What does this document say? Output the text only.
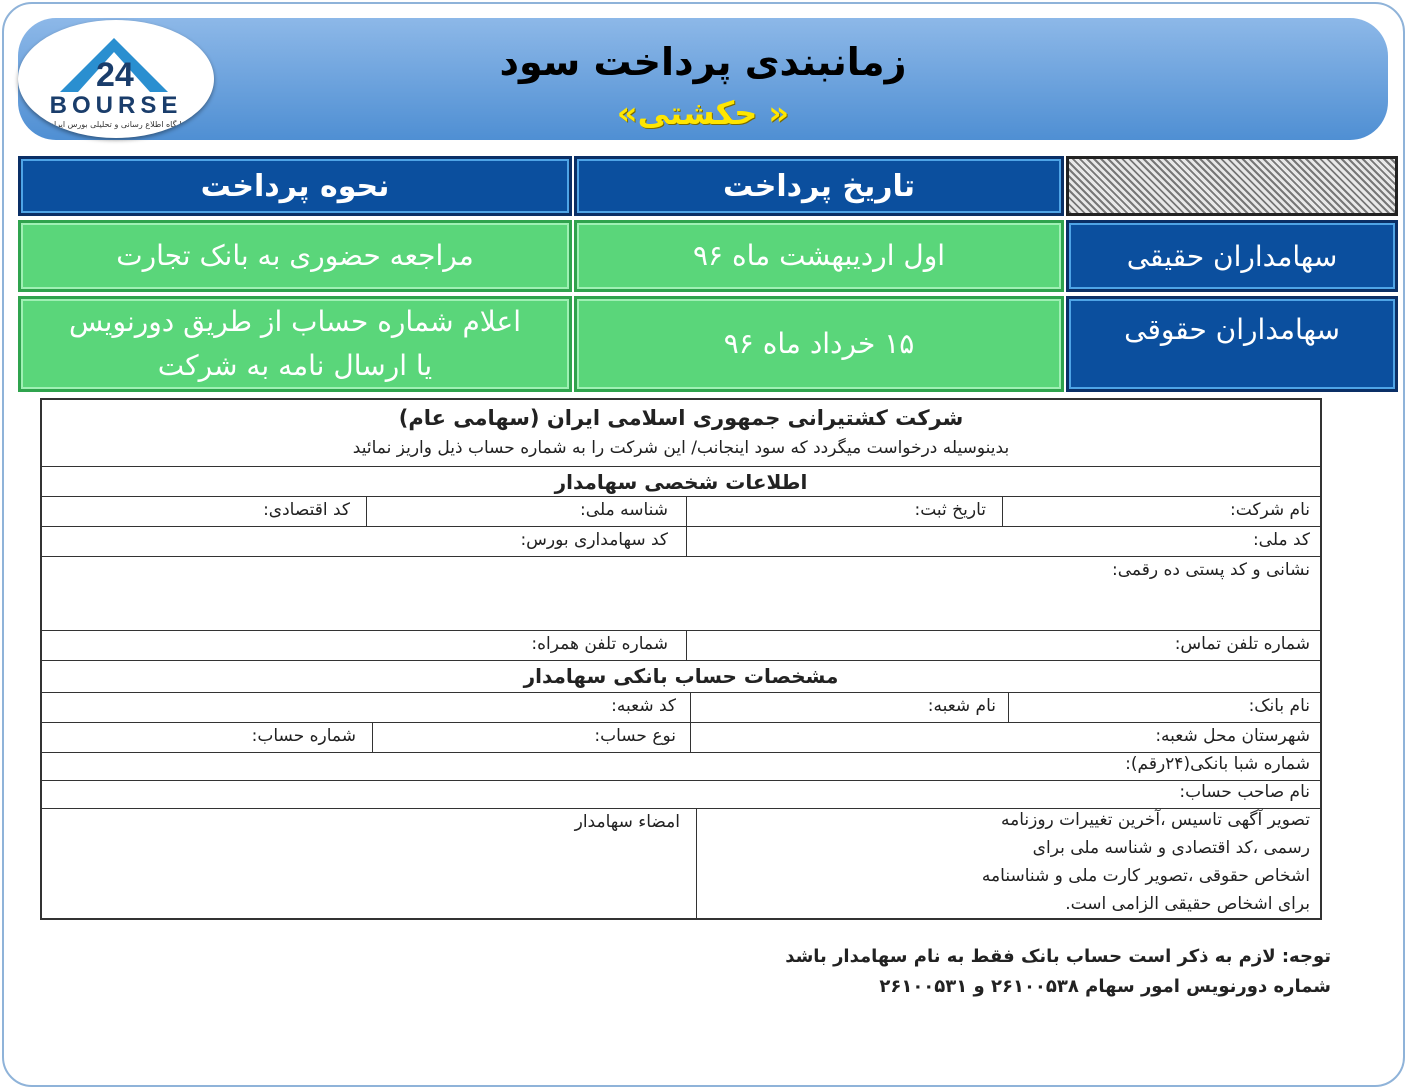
زمانبندی پرداخت سود
« حکشتی»
24
BOURSE
پایگاه اطلاع رسانی و تحلیلی بورس ایران
تاریخ پرداخت
نحوه پرداخت
سهامداران حقیقی
اول اردیبهشت ماه ۹۶
مراجعه حضوری به بانک تجارت
سهامداران حقوقی
۱۵ خرداد ماه ۹۶
اعلام شماره حساب از طریق دورنویس یا ارسال نامه به شرکت
شرکت کشتیرانی جمهوری اسلامی ایران (سهامی عام)
بدینوسیله درخواست میگردد که سود اینجانب/ این شرکت را به شماره حساب ذیل واریز نمائید
اطلاعات شخصی سهامدار
نام شرکت:
تاریخ ثبت:
شناسه ملی:
کد اقتصادی:
کد ملی:
کد سهامداری بورس:
نشانی و کد پستی ده رقمی:
شماره تلفن تماس:
شماره تلفن همراه:
مشخصات حساب بانکی سهامدار
نام بانک:
نام شعبه:
کد شعبه:
شهرستان محل شعبه:
نوع حساب:
شماره حساب:
شماره شبا بانکی(۲۴رقم):
نام صاحب حساب:
تصویر آگهی تاسیس ،آخرین تغییرات روزنامه
رسمی ،کد اقتصادی و شناسه ملی برای
اشخاص حقوقی ،تصویر کارت ملی و شناسنامه
برای اشخاص حقیقی الزامی است.
امضاء سهامدار
توجه: لازم به ذکر است حساب بانک فقط به نام سهامدار باشد
شماره دورنویس امور سهام ۲۶۱۰۰۵۳۸ و ۲۶۱۰۰۵۳۱
